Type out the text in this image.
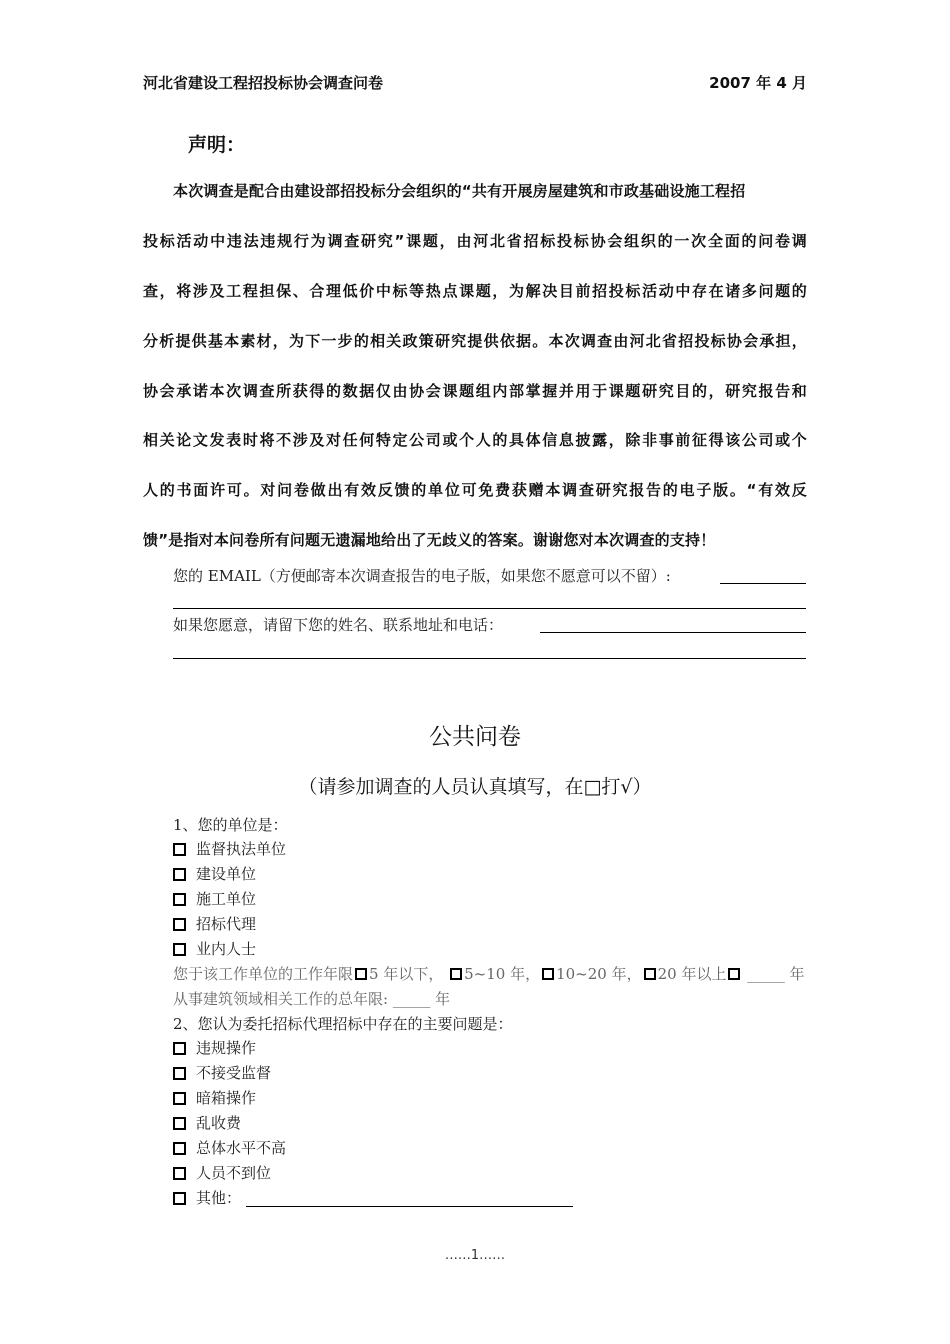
河北省建设工程招投标协会调查问卷	2007 年 4 月
声明：
本次调查是配合由建设部招投标分会组织的“共有开展房屋建筑和市政基础设施工程招
投标活动中违法违规行为调查研究”课题，由河北省招标投标协会组织的一次全面的问卷调
查，将涉及工程担保、合理低价中标等热点课题，为解决目前招投标活动中存在诸多问题的
分析提供基本素材，为下一步的相关政策研究提供依据。本次调查由河北省招投标协会承担，
协会承诺本次调查所获得的数据仅由协会课题组内部掌握并用于课题研究目的，研究报告和
相关论文发表时将不涉及对任何特定公司或个人的具体信息披露，除非事前征得该公司或个
人的书面许可。对问卷做出有效反馈的单位可免费获赠本调查研究报告的电子版。“有效反
馈”是指对本问卷所有问题无遗漏地给出了无歧义的答案。谢谢您对本次调查的支持！
您的 EMAIL（方便邮寄本次调查报告的电子版，如果您不愿意可以不留）:
如果您愿意，请留下您的姓名、联系地址和电话：
公共问卷
（请参加调查的人员认真填写，在□打√）
1、您的单位是：
监督执法单位
建设单位
施工单位
招标代理
业内人士
您于该工作单位的工作年限 5 年以下， 5~10 年， 10~20 年， 20 年以上 _____ 年
从事建筑领域相关工作的总年限: _____ 年
2、您认为委托招标代理招标中存在的主要问题是：
违规操作
不接受监督
暗箱操作
乱收费
总体水平不高
人员不到位
其他：
……1……
